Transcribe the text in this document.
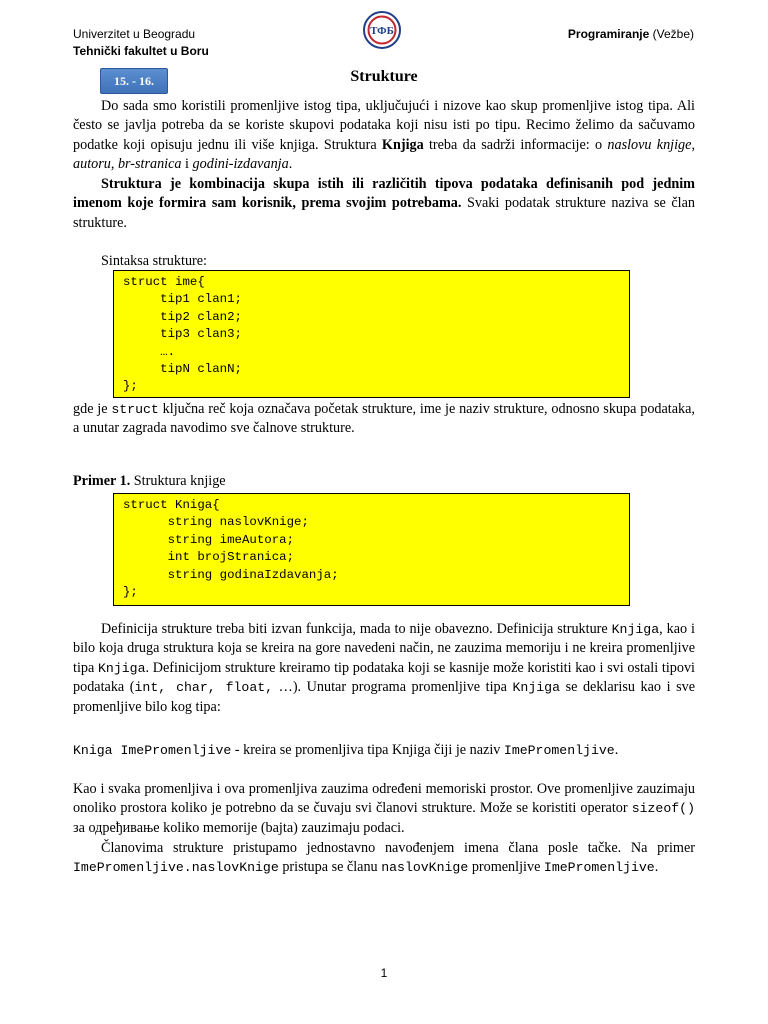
Univerzitet u Beogradu
Tehnički fakultet u Boru
ТФБ	Programiranje (Vežbe)
15. - 16.	Strukture
Do sada smo koristili promenljive istog tipa, uključujući i nizove kao skup promenljive istog tipa. Ali često se javlja potreba da se koriste skupovi podataka koji nisu isti po tipu. Recimo želimo da sačuvamo podatke koji opisuju jednu ili više knjiga. Struktura Knjiga treba da sadrži informacije: o naslovu knjige, autoru, br-stranica i godini-izdavanja.
Struktura je kombinacija skupa istih ili različitih tipova podataka definisanih pod jednim imenom koje formira sam korisnik, prema svojim potrebama. Svaki podatak strukture naziva se član strukture.
Sintaksa strukture:
struct ime{
tip1 clan1;
tip2 clan2;
tip3 clan3;
….
tipN clanN;
};
gde je struct ključna reč koja označava početak strukture, ime je naziv strukture, odnosno skupa podataka, a unutar zagrada navodimo sve čalnove strukture.
Primer 1. Struktura knjige
struct Kniga{
string naslovKnige;
string imeAutora;
int brojStranica;
string godinaIzdavanja;
};
Definicija strukture treba biti izvan funkcija, mada to nije obavezno. Definicija strukture Knjiga, kao i bilo koja druga struktura koja se kreira na gore navedeni način, ne zauzima memoriju i ne kreira promenljive tipa Knjiga. Definicijom strukture kreiramo tip podataka koji se kasnije može koristiti kao i svi ostali tipovi podataka (int, char, float, …). Unutar programa promenljive tipa Knjiga se deklarisu kao i sve promenljive bilo kog tipa:
Kniga ImePromenljive - kreira se promenljiva tipa Knjiga čiji je naziv ImePromenljive.
Kao i svaka promenljiva i ova promenljiva zauzima određeni memoriski prostor. Ove promenljive zauzimaju onoliko prostora koliko je potrebno da se čuvaju svi članovi strukture. Može se koristiti operator sizeof() за одређивање koliko memorije (bajta) zauzimaju podaci.
Članovima strukture pristupamo jednostavno navođenjem imena člana posle tačke. Na primer ImePromenljive.naslovKnige pristupa se članu naslovKnige promenljive ImePromenljive.
1
